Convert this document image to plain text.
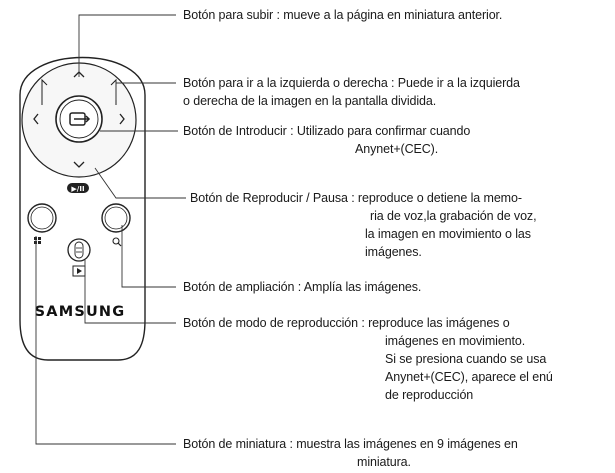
▶/II
SAMSUNG
Botón para subir : mueve a la página en miniatura anterior.
Botón para ir a la izquierda o derecha : Puede ir a la izquierda
o derecha de la imagen en la pantalla dividida.
Botón de Introducir : Utilizado para confirmar cuando
Anynet+(CEC).
Botón de Reproducir / Pausa : reproduce o detiene la memo-
ria de voz,la grabación de voz,
la imagen en movimiento o las
imágenes.
Botón de ampliación : Amplía las imágenes.
Botón de modo de reproducción : reproduce las imágenes o
imágenes en movimiento.
Si se presiona cuando se usa
Anynet+(CEC), aparece el enú
de reproducción
Botón de miniatura : muestra las imágenes en 9 imágenes en
miniatura.
